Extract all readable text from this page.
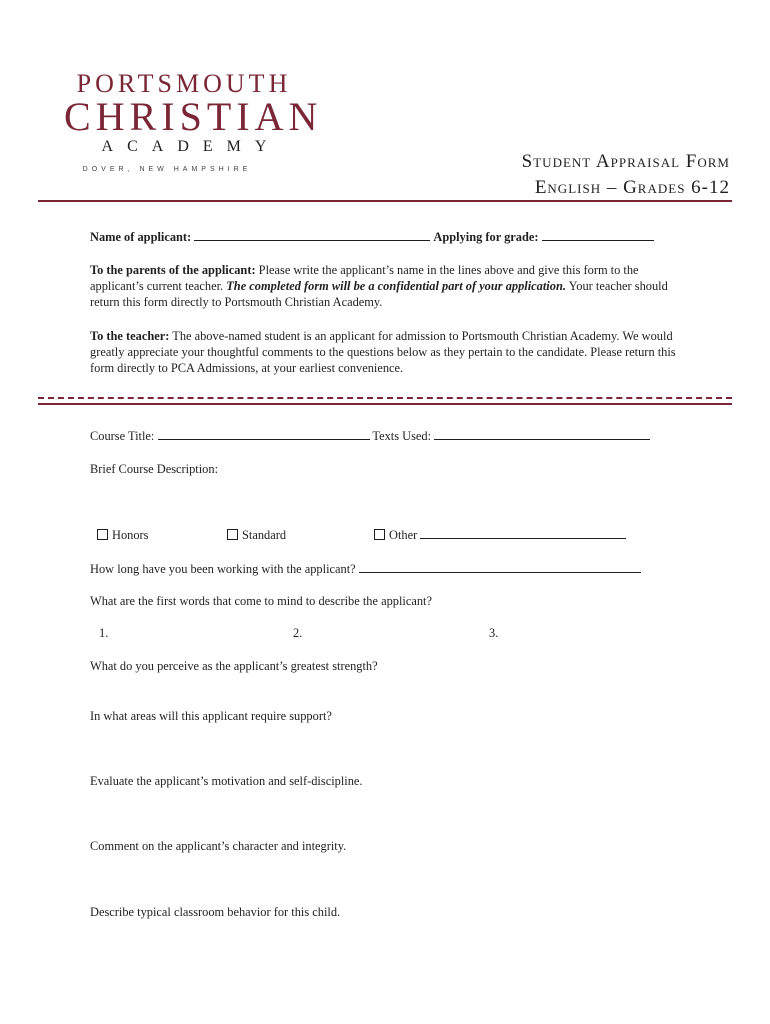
PORTSMOUTH
CHRISTIAN
ACADEMY
DOVER, NEW HAMPSHIRE	Student Appraisal Form
English – Grades 6-12
Name of applicant:	Applying for grade:
To the parents of the applicant: Please write the applicant’s name in the lines above and give this form to the applicant’s current teacher. The completed form will be a confidential part of your application. Your teacher should return this form directly to Portsmouth Christian Academy.
To the teacher: The above-named student is an applicant for admission to Portsmouth Christian Academy. We would greatly appreciate your thoughtful comments to the questions below as they pertain to the candidate. Please return this form directly to PCA Admissions, at your earliest convenience.
Course Title:	Texts Used:
Brief Course Description:
Honors	Standard	Other
How long have you been working with the applicant?
What are the first words that come to mind to describe the applicant?
1.	2.	3.
What do you perceive as the applicant’s greatest strength?
In what areas will this applicant require support?
Evaluate the applicant’s motivation and self-discipline.
Comment on the applicant’s character and integrity.
Describe typical classroom behavior for this child.
